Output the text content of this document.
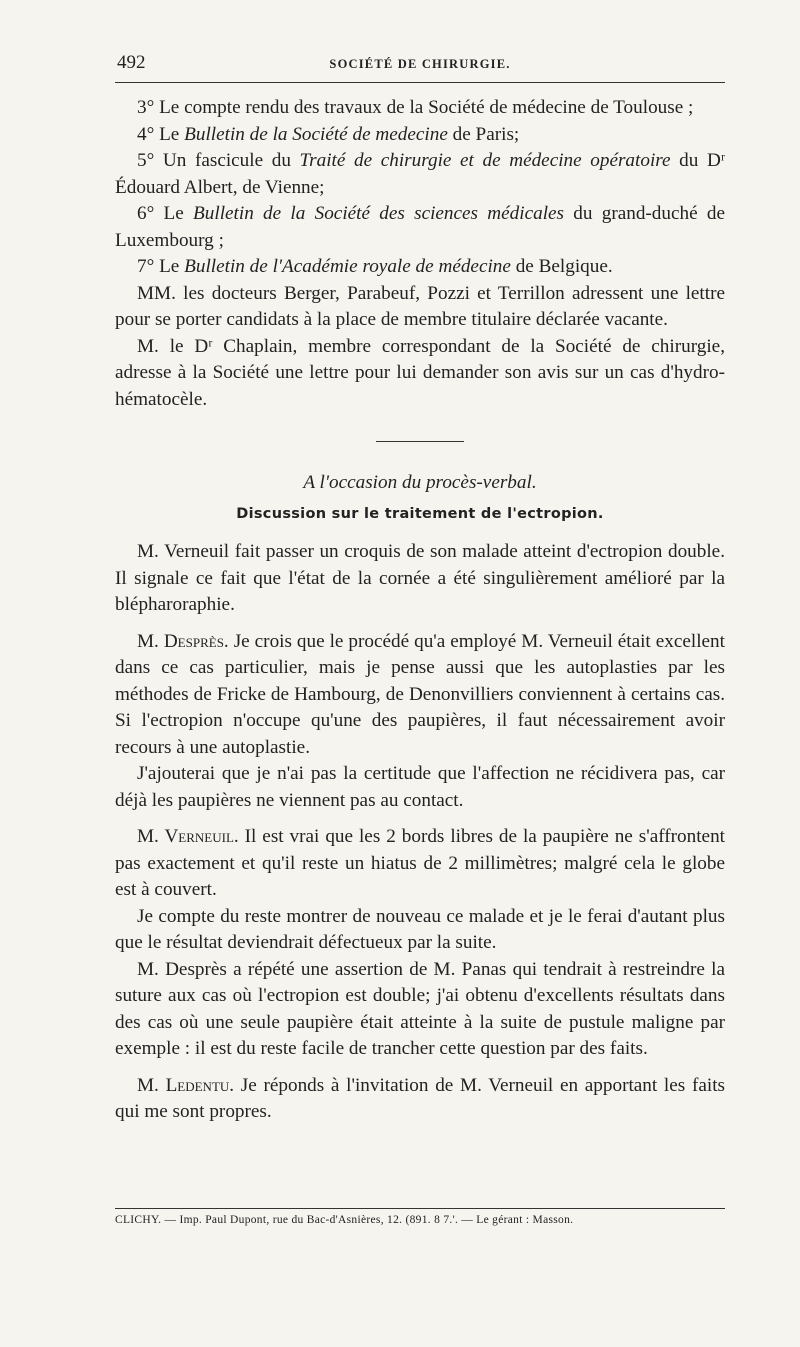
492	SOCIÉTÉ DE CHIRURGIE.

3° Le compte rendu des travaux de la Société de médecine de Toulouse ;

4° Le Bulletin de la Société de medecine de Paris;

5° Un fascicule du Traité de chirurgie et de médecine opératoire du Dʳ Édouard Albert, de Vienne;

6° Le Bulletin de la Société des sciences médicales du grand-duché de Luxembourg ;

7° Le Bulletin de l'Académie royale de médecine de Belgique.

MM. les docteurs Berger, Parabeuf, Pozzi et Terrillon adressent une lettre pour se porter candidats à la place de membre titulaire déclarée vacante.

M. le Dʳ Chaplain, membre correspondant de la Société de chirurgie, adresse à la Société une lettre pour lui demander son avis sur un cas d'hydro-hématocèle.

A l'occasion du procès-verbal.

Discussion sur le traitement de l'ectropion.

M. Verneuil fait passer un croquis de son malade atteint d'ectropion double. Il signale ce fait que l'état de la cornée a été singulièrement amélioré par la blépharoraphie.

M. Desprès. Je crois que le procédé qu'a employé M. Verneuil était excellent dans ce cas particulier, mais je pense aussi que les autoplasties par les méthodes de Fricke de Hambourg, de Denonvilliers conviennent à certains cas. Si l'ectropion n'occupe qu'une des paupières, il faut nécessairement avoir recours à une autoplastie.

J'ajouterai que je n'ai pas la certitude que l'affection ne récidivera pas, car déjà les paupières ne viennent pas au contact.

M. Verneuil. Il est vrai que les 2 bords libres de la paupière ne s'affrontent pas exactement et qu'il reste un hiatus de 2 millimètres; malgré cela le globe est à couvert.

Je compte du reste montrer de nouveau ce malade et je le ferai d'autant plus que le résultat deviendrait défectueux par la suite.

M. Desprès a répété une assertion de M. Panas qui tendrait à restreindre la suture aux cas où l'ectropion est double; j'ai obtenu d'excellents résultats dans des cas où une seule paupière était atteinte à la suite de pustule maligne par exemple : il est du reste facile de trancher cette question par des faits.

M. Ledentu. Je réponds à l'invitation de M. Verneuil en apportant les faits qui me sont propres.

CLICHY. — Imp. Paul Dupont, rue du Bac-d'Asnières, 12. (891. 8 7.'. — Le gérant : Masson.
